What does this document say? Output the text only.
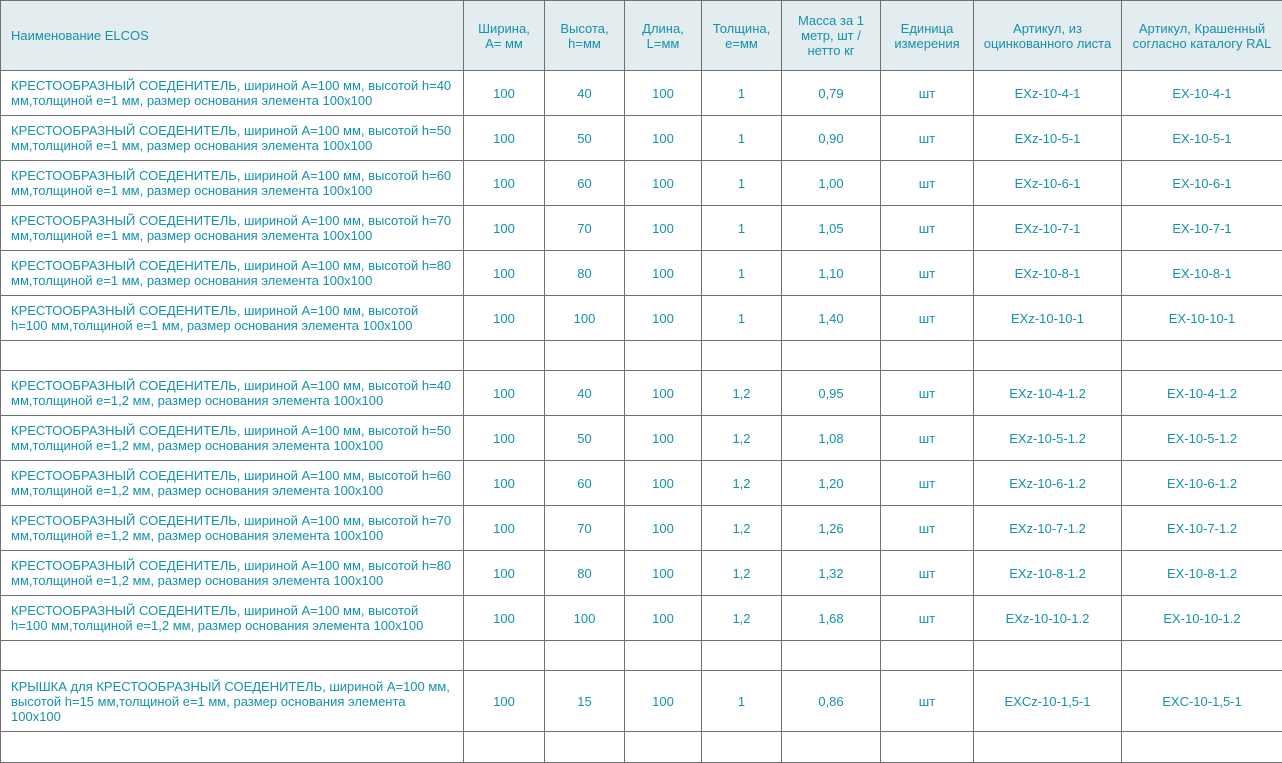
Наименование ELCOS	Ширина, А= мм	Высота, h=мм	Длина, L=мм	Толщина, е=мм	Масса за 1 метр, шт / нетто кг	Единица измерения	Артикул, из оцинкованного листа	Артикул, Крашенный согласно каталогу RAL
КРЕСТООБРАЗНЫЙ СОЕДЕНИТЕЛЬ, шириной А=100 мм, высотой h=40 мм,толщиной е=1 мм, размер основания элемента 100х100	100	40	100	1	0,79	шт	EXz-10-4-1	EX-10-4-1
КРЕСТООБРАЗНЫЙ СОЕДЕНИТЕЛЬ, шириной А=100 мм, высотой h=50 мм,толщиной е=1 мм, размер основания элемента 100х100	100	50	100	1	0,90	шт	EXz-10-5-1	EX-10-5-1
КРЕСТООБРАЗНЫЙ СОЕДЕНИТЕЛЬ, шириной А=100 мм, высотой h=60 мм,толщиной е=1 мм, размер основания элемента 100х100	100	60	100	1	1,00	шт	EXz-10-6-1	EX-10-6-1
КРЕСТООБРАЗНЫЙ СОЕДЕНИТЕЛЬ, шириной А=100 мм, высотой h=70 мм,толщиной е=1 мм, размер основания элемента 100х100	100	70	100	1	1,05	шт	EXz-10-7-1	EX-10-7-1
КРЕСТООБРАЗНЫЙ СОЕДЕНИТЕЛЬ, шириной А=100 мм, высотой h=80 мм,толщиной е=1 мм, размер основания элемента 100х100	100	80	100	1	1,10	шт	EXz-10-8-1	EX-10-8-1
КРЕСТООБРАЗНЫЙ СОЕДЕНИТЕЛЬ, шириной А=100 мм, высотой h=100 мм,толщиной е=1 мм, размер основания элемента 100х100	100	100	100	1	1,40	шт	EXz-10-10-1	EX-10-10-1

КРЕСТООБРАЗНЫЙ СОЕДЕНИТЕЛЬ, шириной А=100 мм, высотой h=40 мм,толщиной е=1,2 мм, размер основания элемента 100х100	100	40	100	1,2	0,95	шт	EXz-10-4-1.2	EX-10-4-1.2
КРЕСТООБРАЗНЫЙ СОЕДЕНИТЕЛЬ, шириной А=100 мм, высотой h=50 мм,толщиной е=1,2 мм, размер основания элемента 100х100	100	50	100	1,2	1,08	шт	EXz-10-5-1.2	EX-10-5-1.2
КРЕСТООБРАЗНЫЙ СОЕДЕНИТЕЛЬ, шириной А=100 мм, высотой h=60 мм,толщиной е=1,2 мм, размер основания элемента 100х100	100	60	100	1,2	1,20	шт	EXz-10-6-1.2	EX-10-6-1.2
КРЕСТООБРАЗНЫЙ СОЕДЕНИТЕЛЬ, шириной А=100 мм, высотой h=70 мм,толщиной е=1,2 мм, размер основания элемента 100х100	100	70	100	1,2	1,26	шт	EXz-10-7-1.2	EX-10-7-1.2
КРЕСТООБРАЗНЫЙ СОЕДЕНИТЕЛЬ, шириной А=100 мм, высотой h=80 мм,толщиной е=1,2 мм, размер основания элемента 100х100	100	80	100	1,2	1,32	шт	EXz-10-8-1.2	EX-10-8-1.2
КРЕСТООБРАЗНЫЙ СОЕДЕНИТЕЛЬ, шириной А=100 мм, высотой h=100 мм,толщиной е=1,2 мм, размер основания элемента 100х100	100	100	100	1,2	1,68	шт	EXz-10-10-1.2	EX-10-10-1.2

КРЫШКА для КРЕСТООБРАЗНЫЙ СОЕДЕНИТЕЛЬ, шириной А=100 мм, высотой h=15 мм,толщиной е=1 мм, размер основания элемента 100х100	100	15	100	1	0,86	шт	EXCz-10-1,5-1	EXC-10-1,5-1
